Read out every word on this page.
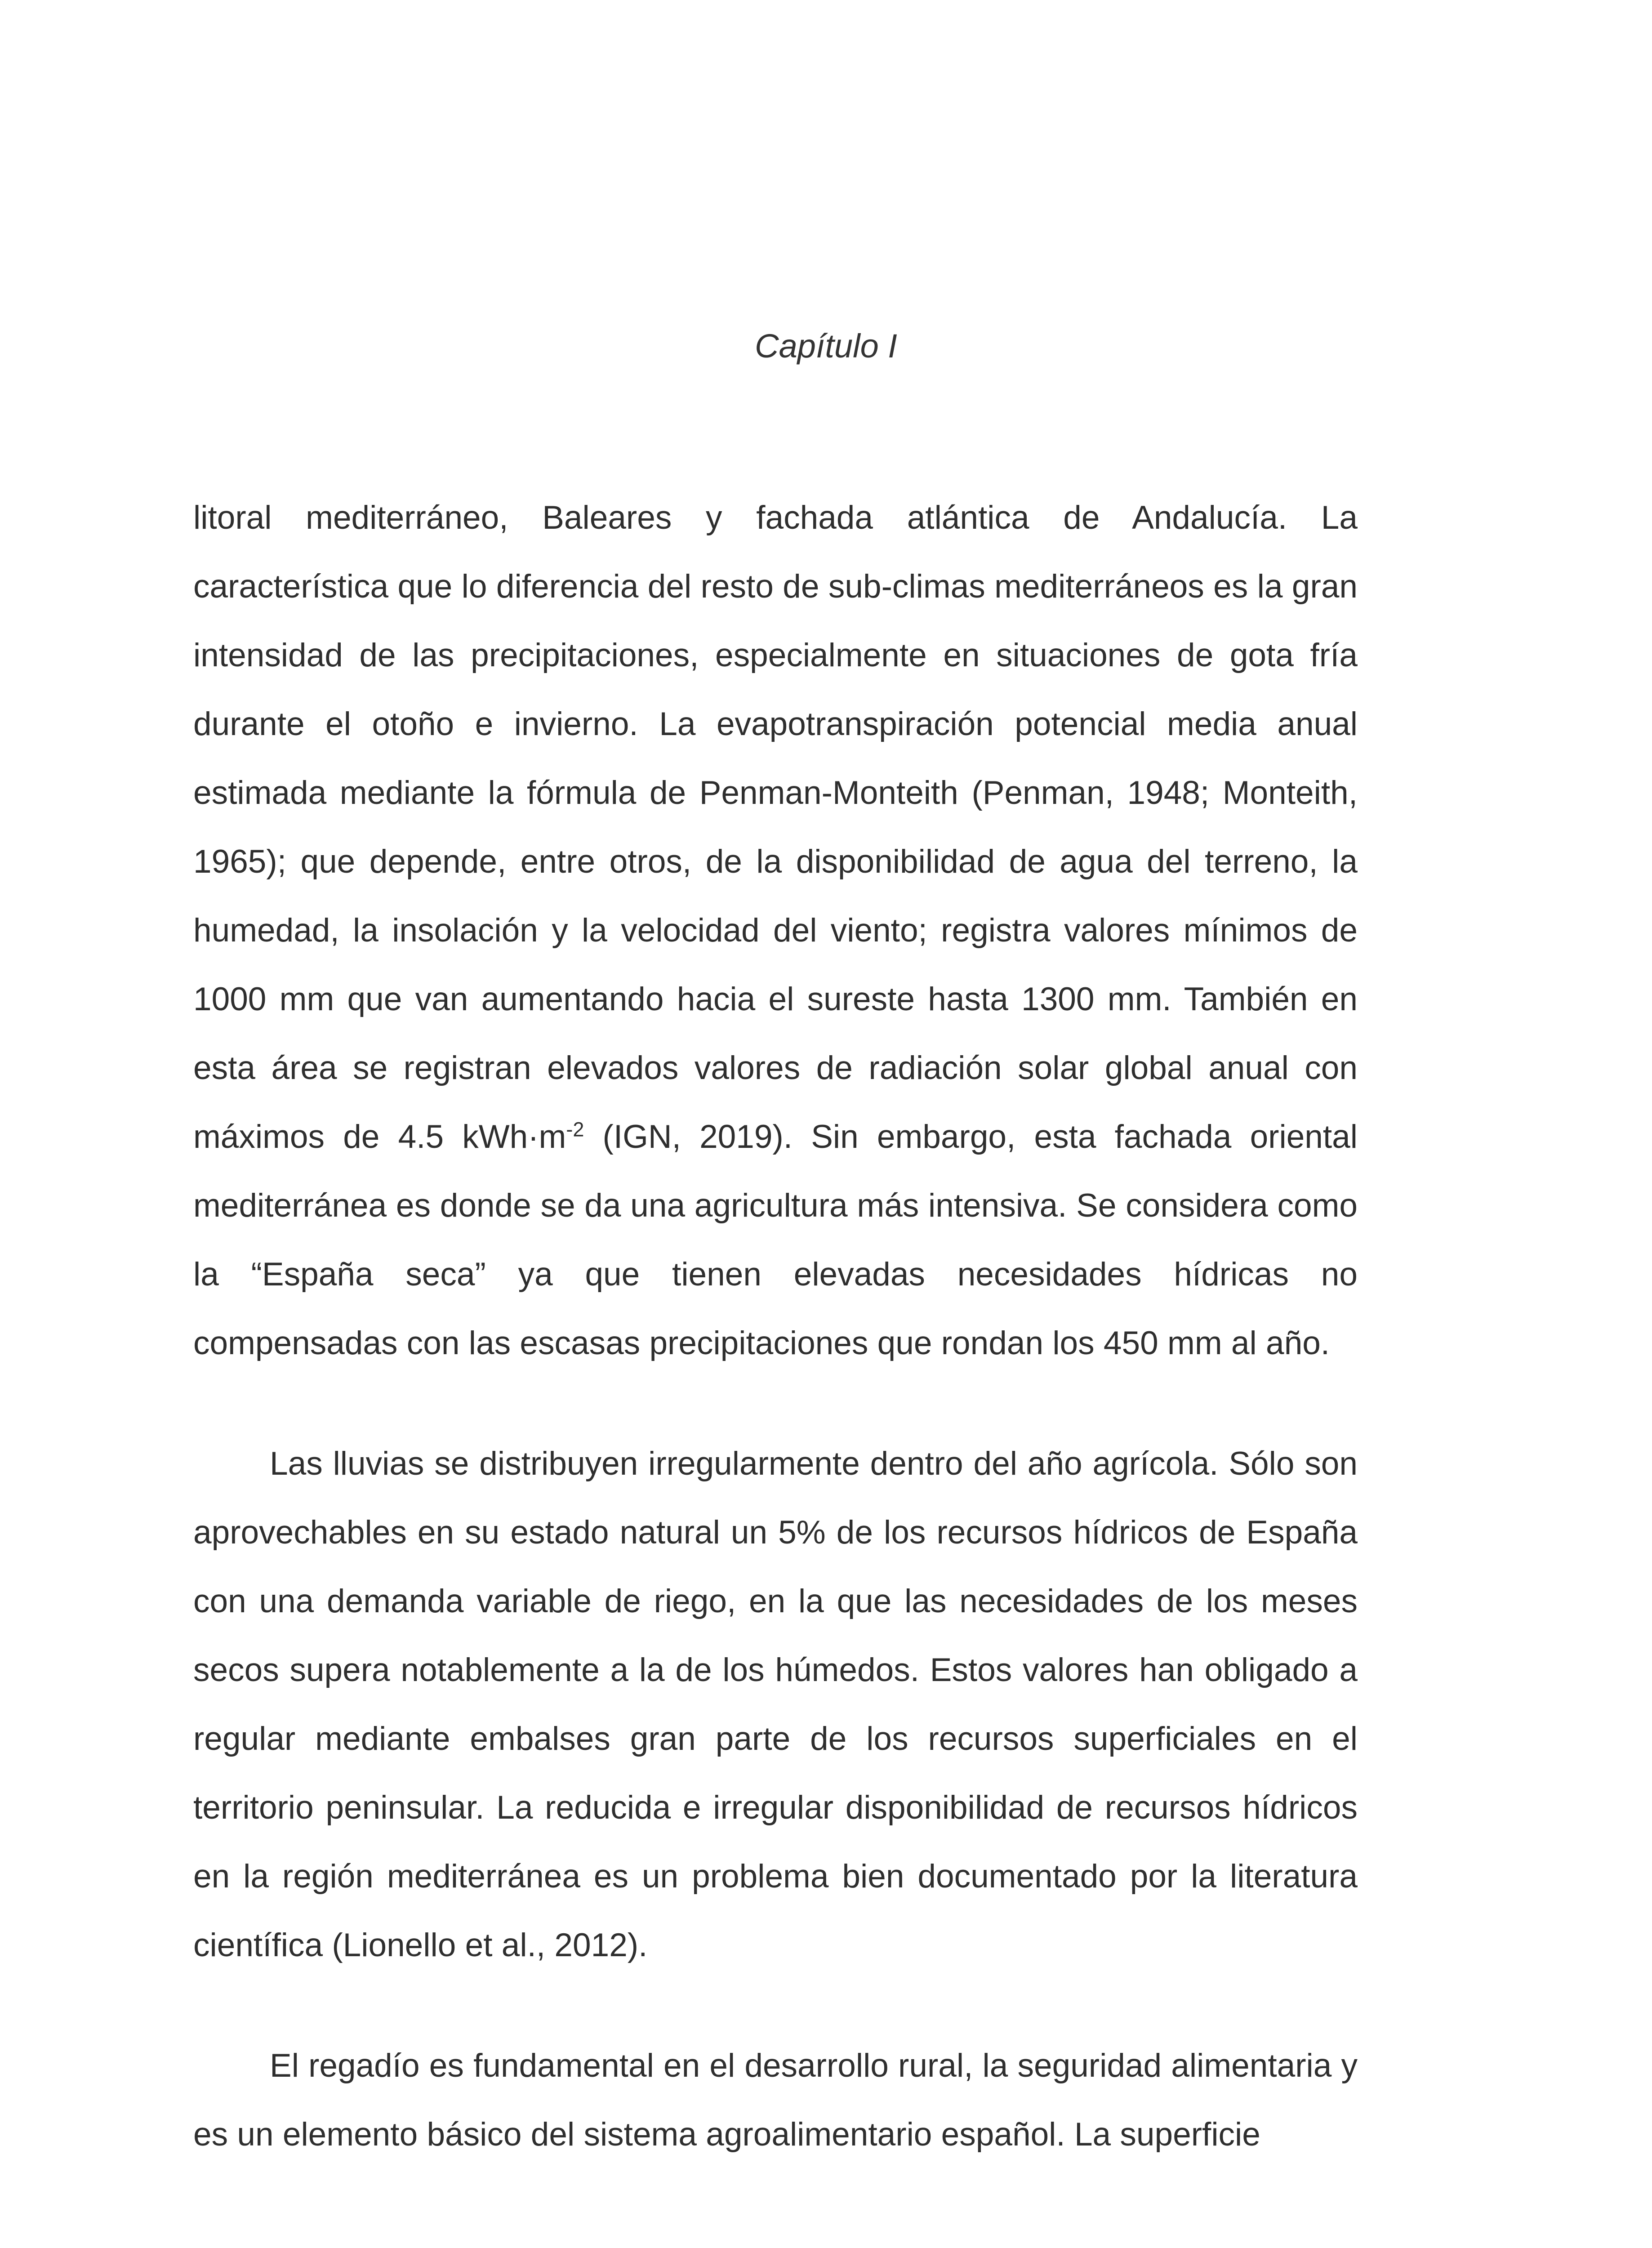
Capítulo I

litoral mediterráneo, Baleares y fachada atlántica de Andalucía. La característica que lo diferencia del resto de sub-climas mediterráneos es la gran intensidad de las precipitaciones, especialmente en situaciones de gota fría durante el otoño e invierno. La evapotranspiración potencial media anual estimada mediante la fórmula de Penman-Monteith (Penman, 1948; Monteith, 1965); que depende, entre otros, de la disponibilidad de agua del terreno, la humedad, la insolación y la velocidad del viento; registra valores mínimos de 1000 mm que van aumentando hacia el sureste hasta 1300 mm. También en esta área se registran elevados valores de radiación solar global anual con máximos de 4.5 $kWh\cdot m^{-2}$ (IGN, 2019). Sin embargo, esta fachada oriental mediterránea es donde se da una agricultura más intensiva. Se considera como la “España seca” ya que tienen elevadas necesidades hídricas no compensadas con las escasas precipitaciones que rondan los 450 mm al año.

Las lluvias se distribuyen irregularmente dentro del año agrícola. Sólo son aprovechables en su estado natural un 5% de los recursos hídricos de España con una demanda variable de riego, en la que las necesidades de los meses secos supera notablemente a la de los húmedos. Estos valores han obligado a regular mediante embalses gran parte de los recursos superficiales en el territorio peninsular. La reducida e irregular disponibilidad de recursos hídricos en la región mediterránea es un problema bien documentado por la literatura científica (Lionello et al., 2012).

El regadío es fundamental en el desarrollo rural, la seguridad alimentaria y es un elemento básico del sistema agroalimentario español. La superficie
